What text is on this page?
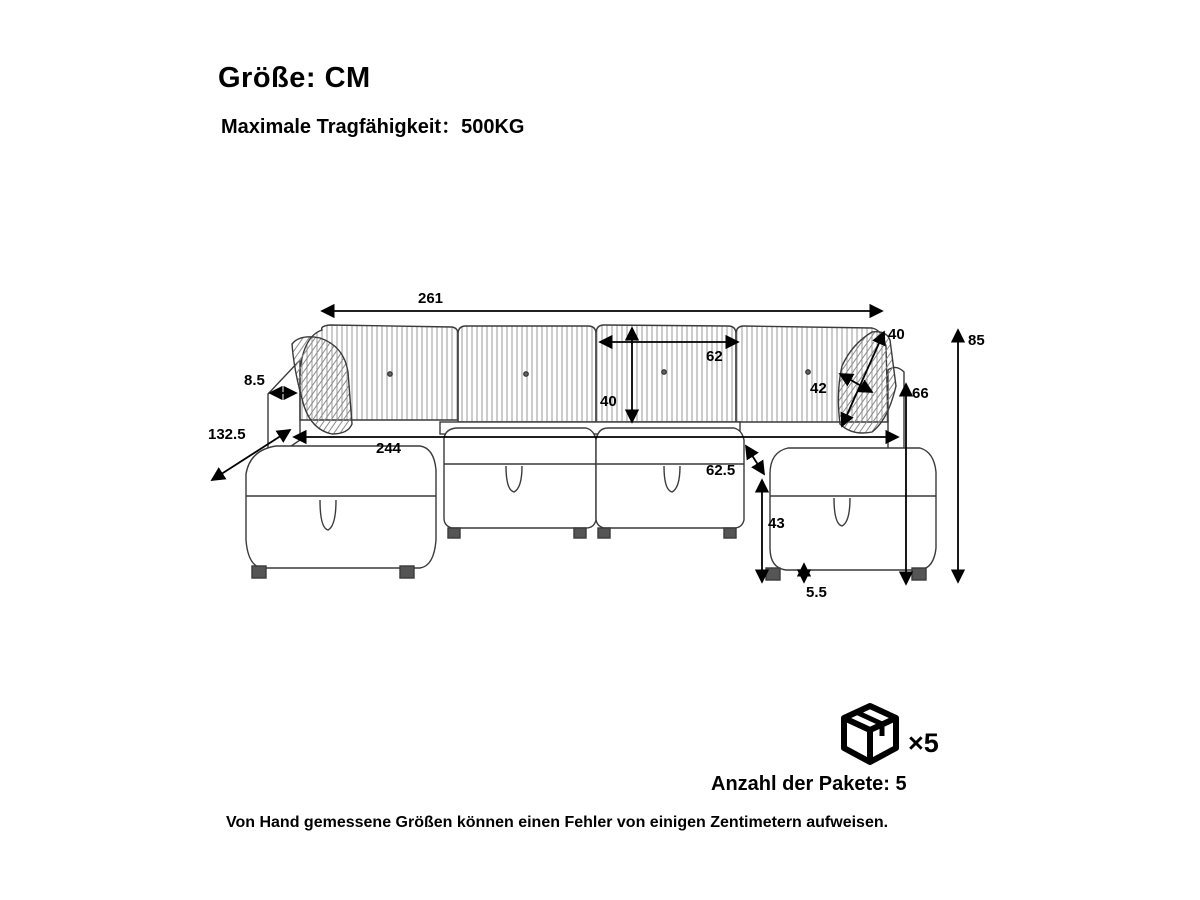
Größe: CM
Maximale Tragfähigkeit：500KG
261
8.5
132.5
244
62
40
42
40
62.5
66
85
43
5.5
×5
Anzahl der Pakete: 5
Von Hand gemessene Größen können einen Fehler von einigen Zentimetern aufweisen.
